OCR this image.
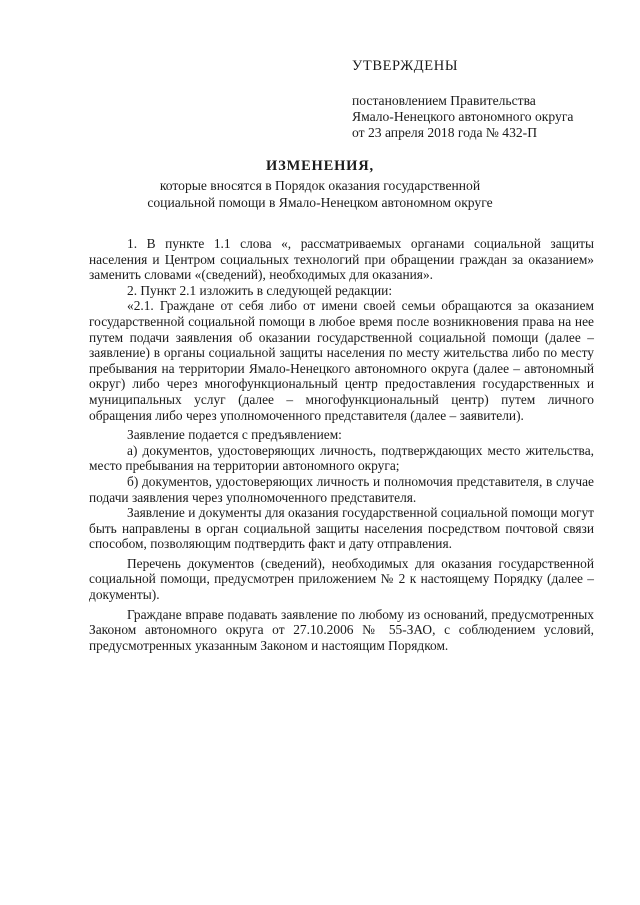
УТВЕРЖДЕНЫ

постановлением Правительства

Ямало-Ненецкого автономного округа

от 23 апреля 2018 года № 432-П

ИЗМЕНЕНИЯ,

которые вносятся в Порядок оказания государственной

социальной помощи в Ямало-Ненецком автономном округе

1. В пункте 1.1 слова «, рассматриваемых органами социальной защиты населения и Центром социальных технологий при обращении граждан за оказанием» заменить словами «(сведений), необходимых для оказания».

2. Пункт 2.1 изложить в следующей редакции:

«2.1. Граждане от себя либо от имени своей семьи обращаются за оказанием государственной социальной помощи в любое время после возникновения права на нее путем подачи заявления об оказании государственной социальной помощи (далее – заявление) в органы социальной защиты населения по месту жительства либо по месту пребывания на территории Ямало-Ненецкого автономного округа (далее – автономный округ) либо через многофункциональный центр предоставления государственных и муниципальных услуг (далее – многофункциональный центр) путем личного обращения либо через уполномоченного представителя (далее – заявители).

Заявление подается с предъявлением:

а) документов, удостоверяющих личность, подтверждающих место жительства, место пребывания на территории автономного округа;

б) документов, удостоверяющих личность и полномочия представителя, в случае подачи заявления через уполномоченного представителя.

Заявление и документы для оказания государственной социальной помощи могут быть направлены в орган социальной защиты населения посредством почтовой связи способом, позволяющим подтвердить факт и дату отправления.

Перечень документов (сведений), необходимых для оказания государственной социальной помощи, предусмотрен приложением № 2 к настоящему Порядку (далее – документы).

Граждане вправе подавать заявление по любому из оснований, предусмотренных Законом автономного округа от 27.10.2006 № 55-ЗАО, с соблюдением условий, предусмотренных указанным Законом и настоящим Порядком.
